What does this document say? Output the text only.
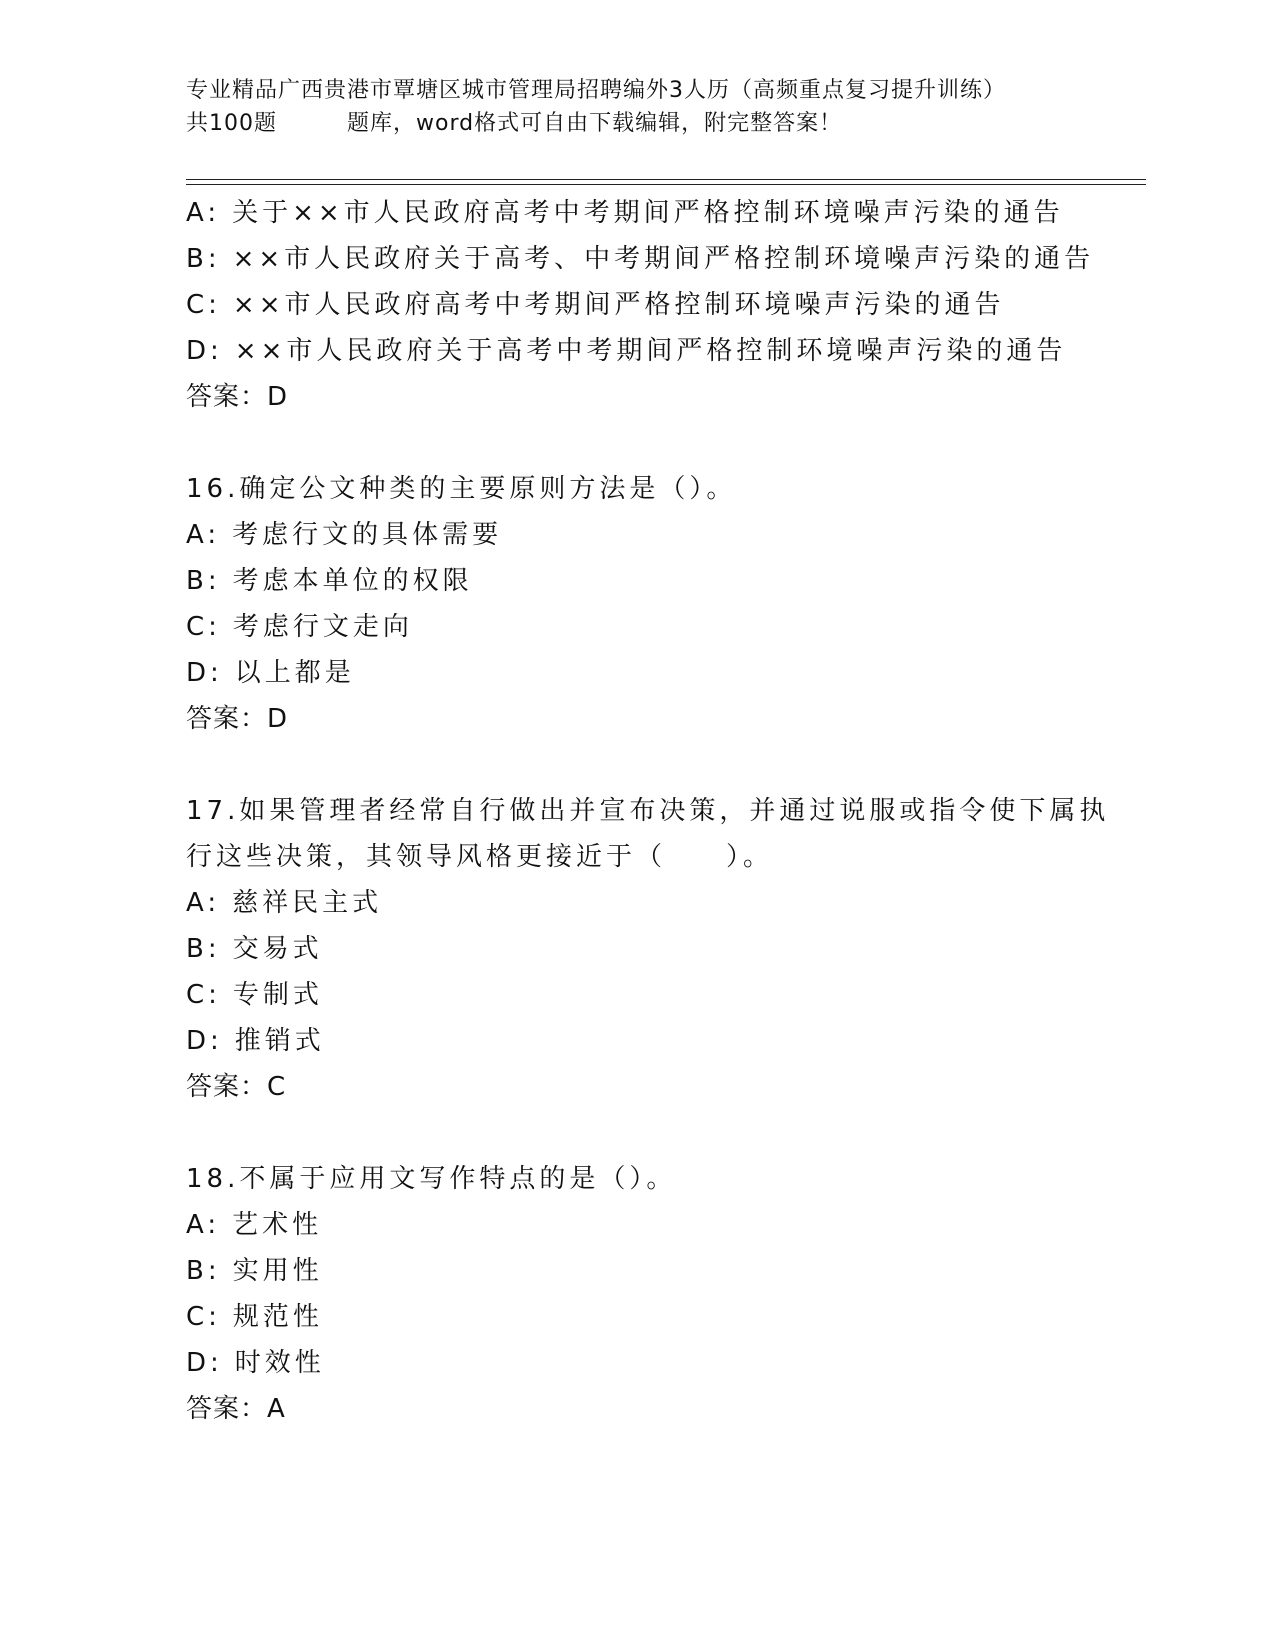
专业精品广西贵港市覃塘区城市管理局招聘编外3人历（高频重点复习提升训练）
共100题	题库，word格式可自由下载编辑，附完整答案！
A: 关于××市人民政府高考中考期间严格控制环境噪声污染的通告
B: ××市人民政府关于高考、中考期间严格控制环境噪声污染的通告
C: ××市人民政府高考中考期间严格控制环境噪声污染的通告
D: ××市人民政府关于高考中考期间严格控制环境噪声污染的通告
答案：D
16.确定公文种类的主要原则方法是（）。
A: 考虑行文的具体需要
B: 考虑本单位的权限
C: 考虑行文走向
D: 以上都是
答案：D
17.如果管理者经常自行做出并宣布决策，并通过说服或指令使下属执
行这些决策，其领导风格更接近于（　　）。
A: 慈祥民主式
B: 交易式
C: 专制式
D: 推销式
答案：C
18.不属于应用文写作特点的是（）。
A: 艺术性
B: 实用性
C: 规范性
D: 时效性
答案：A
